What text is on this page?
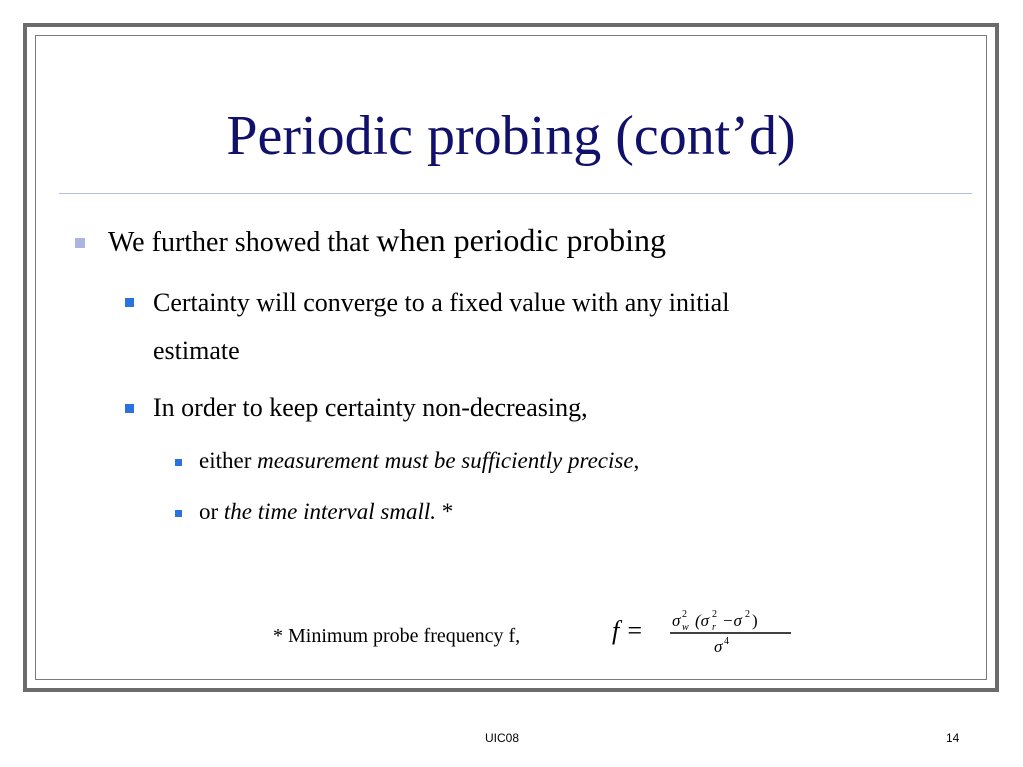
Periodic probing (cont’d)
We further showed that when periodic probing
Certainty will converge to a fixed value with any initial
estimate
In order to keep certainty non-decreasing,
either measurement must be sufficiently precise,
or the time interval small. *
* Minimum probe frequency f,	f = σ 2
w (σ 2
r −σ 2 )
σ 4
UIC08	14
